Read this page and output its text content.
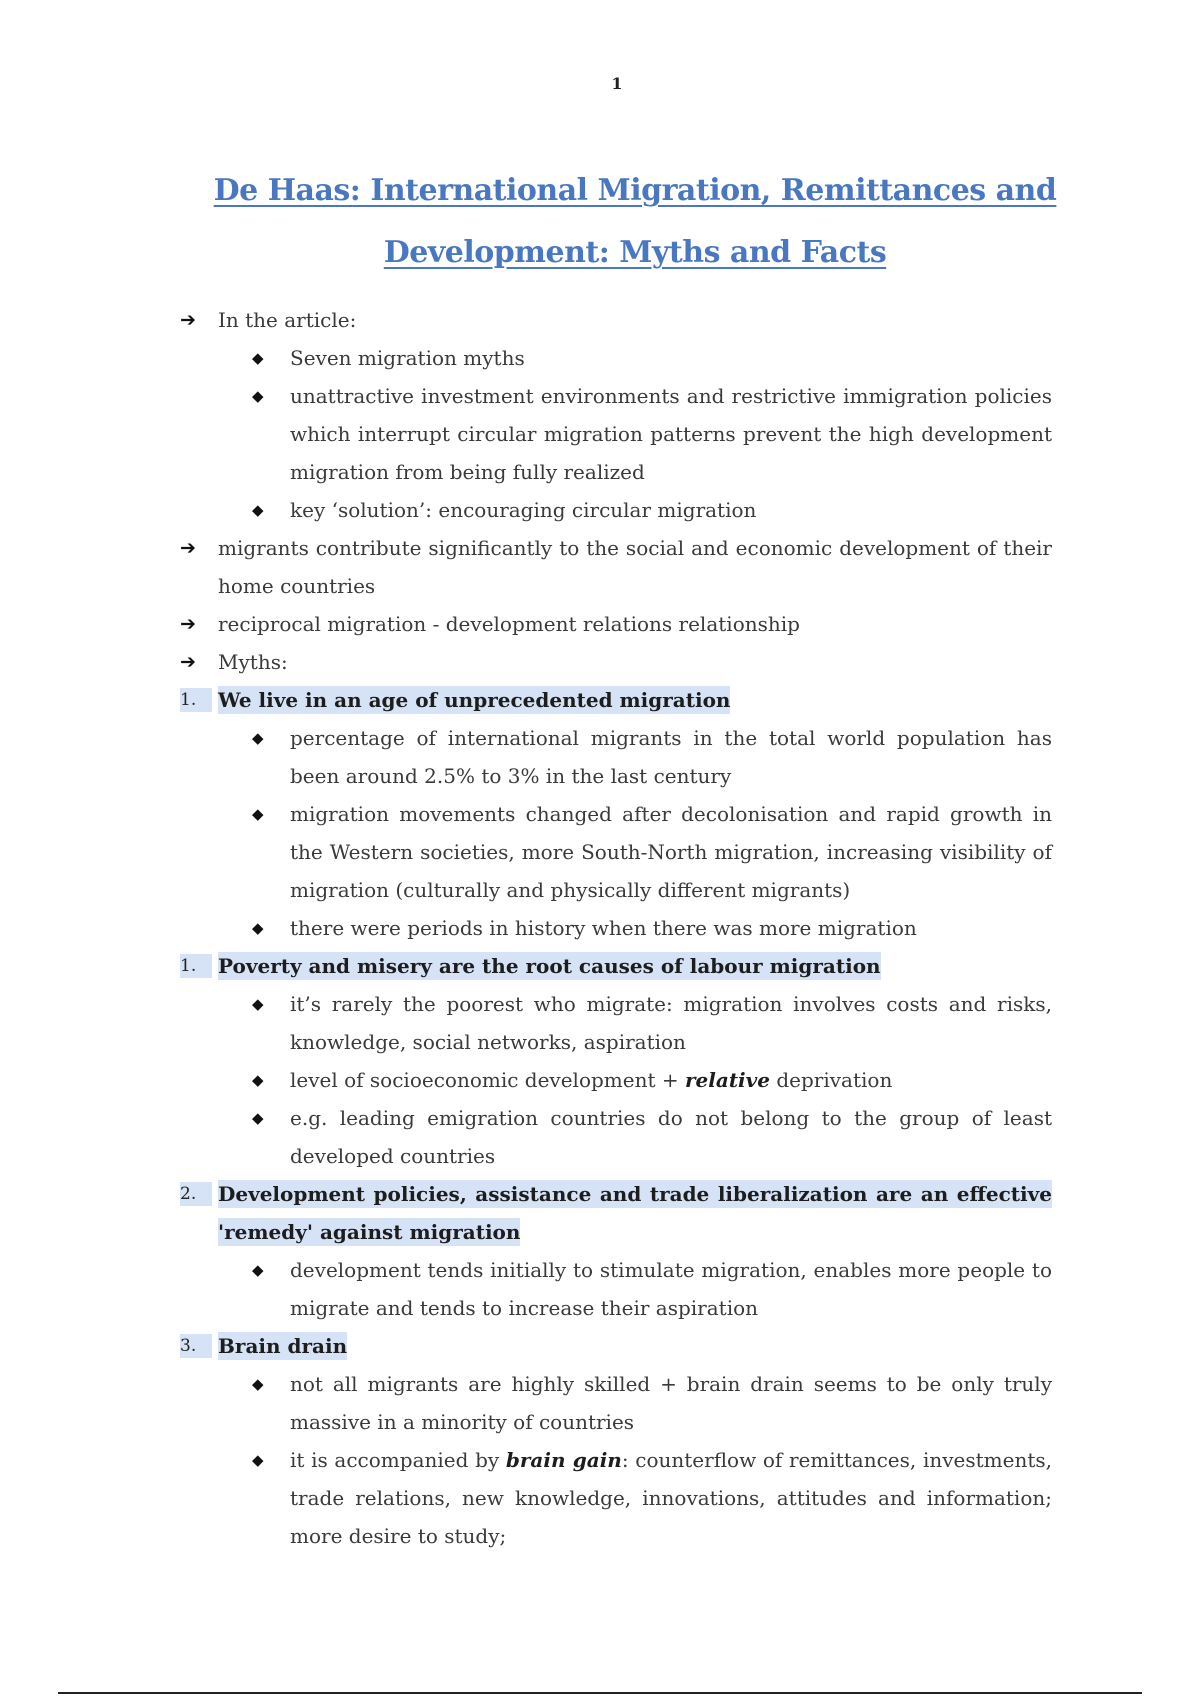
1
De Haas: International Migration, Remittances and
Development: Myths and Facts
➔	In the article:
◆	Seven migration myths
◆	unattractive investment environments and restrictive immigration policies which interrupt circular migration patterns prevent the high development migration from being fully realized
◆	key ‘solution’: encouraging circular migration
➔	migrants contribute significantly to the social and economic development of their home countries
➔	reciprocal migration - development relations relationship
➔	Myths:
1.	We live in an age of unprecedented migration
◆	percentage of international migrants in the total world population has been around 2.5% to 3% in the last century
◆	migration movements changed after decolonisation and rapid growth in the Western societies, more South-North migration, increasing visibility of migration (culturally and physically different migrants)
◆	there were periods in history when there was more migration
1.	Poverty and misery are the root causes of labour migration
◆	it’s rarely the poorest who migrate: migration involves costs and risks, knowledge, social networks, aspiration
◆	level of socioeconomic development + relative deprivation
◆	e.g. leading emigration countries do not belong to the group of least developed countries
2.	Development policies, assistance and trade liberalization are an effective 'remedy' against migration
◆	development tends initially to stimulate migration, enables more people to migrate and tends to increase their aspiration
3.	Brain drain
◆	not all migrants are highly skilled + brain drain seems to be only truly massive in a minority of countries
◆	it is accompanied by brain gain: counterflow of remittances, investments, trade relations, new knowledge, innovations, attitudes and information; more desire to study;
